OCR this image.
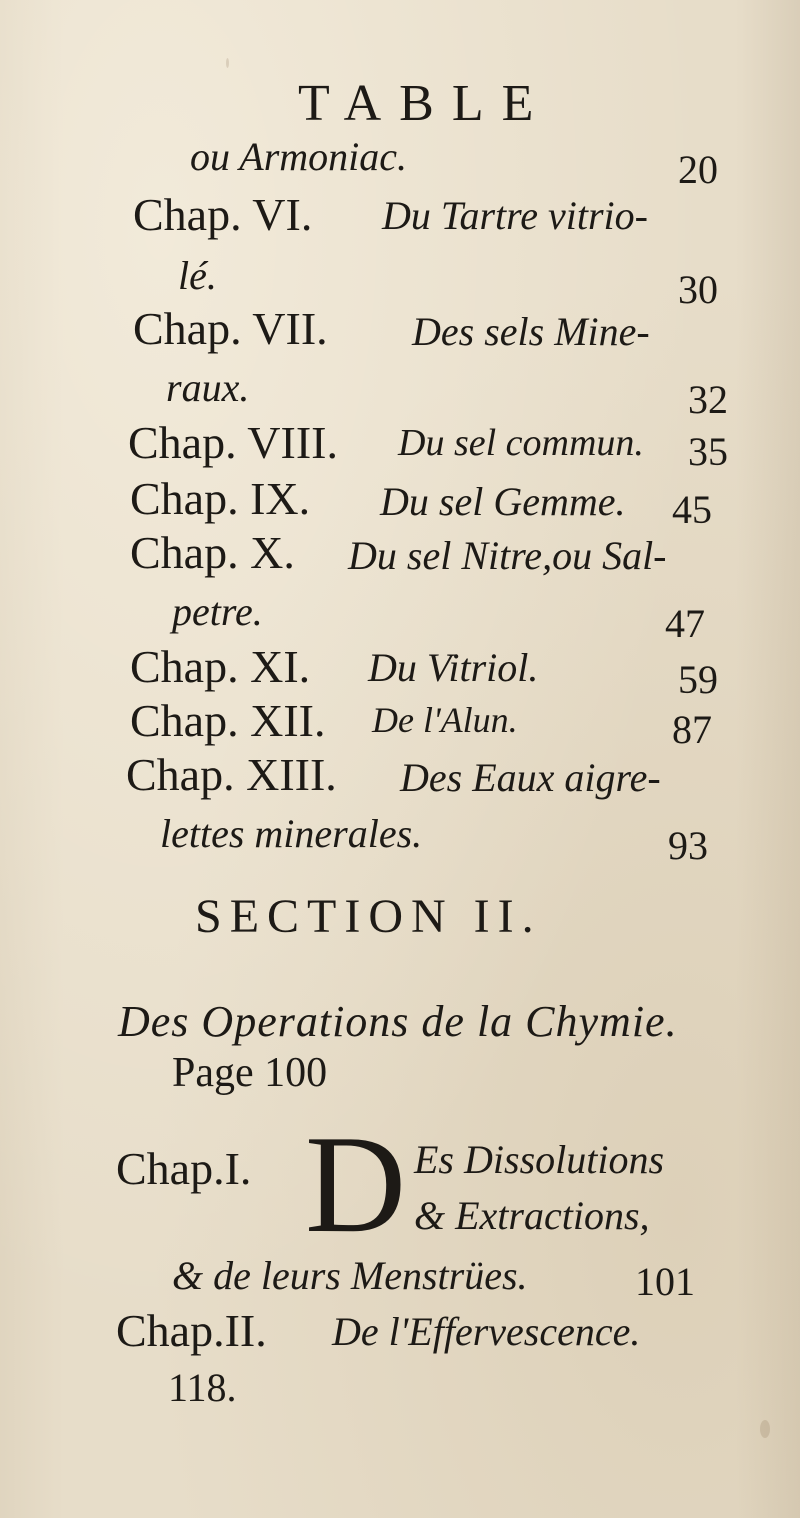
TABLE
ou Armoniac.	20
Chap. VI. Du Tartre vitrio-
lé.	30
Chap. VII. Des sels Mine-
raux.	32
Chap. VIII. Du sel commun. 35
Chap. IX. Du sel Gemme. 45
Chap. X. Du sel Nitre,ou Sal-
petre.	47
Chap. XI. Du Vitriol.	59
Chap. XII. De l'Alun.	87
Chap. XIII. Des Eaux aigre-
lettes minerales.	93
SECTION II.
Des Operations de la Chymie.
Page 100
Chap.I. D Es Dissolutions
& Extractions,
& de leurs Menstrües.	101
Chap.II. De l'Effervescence.
118.
